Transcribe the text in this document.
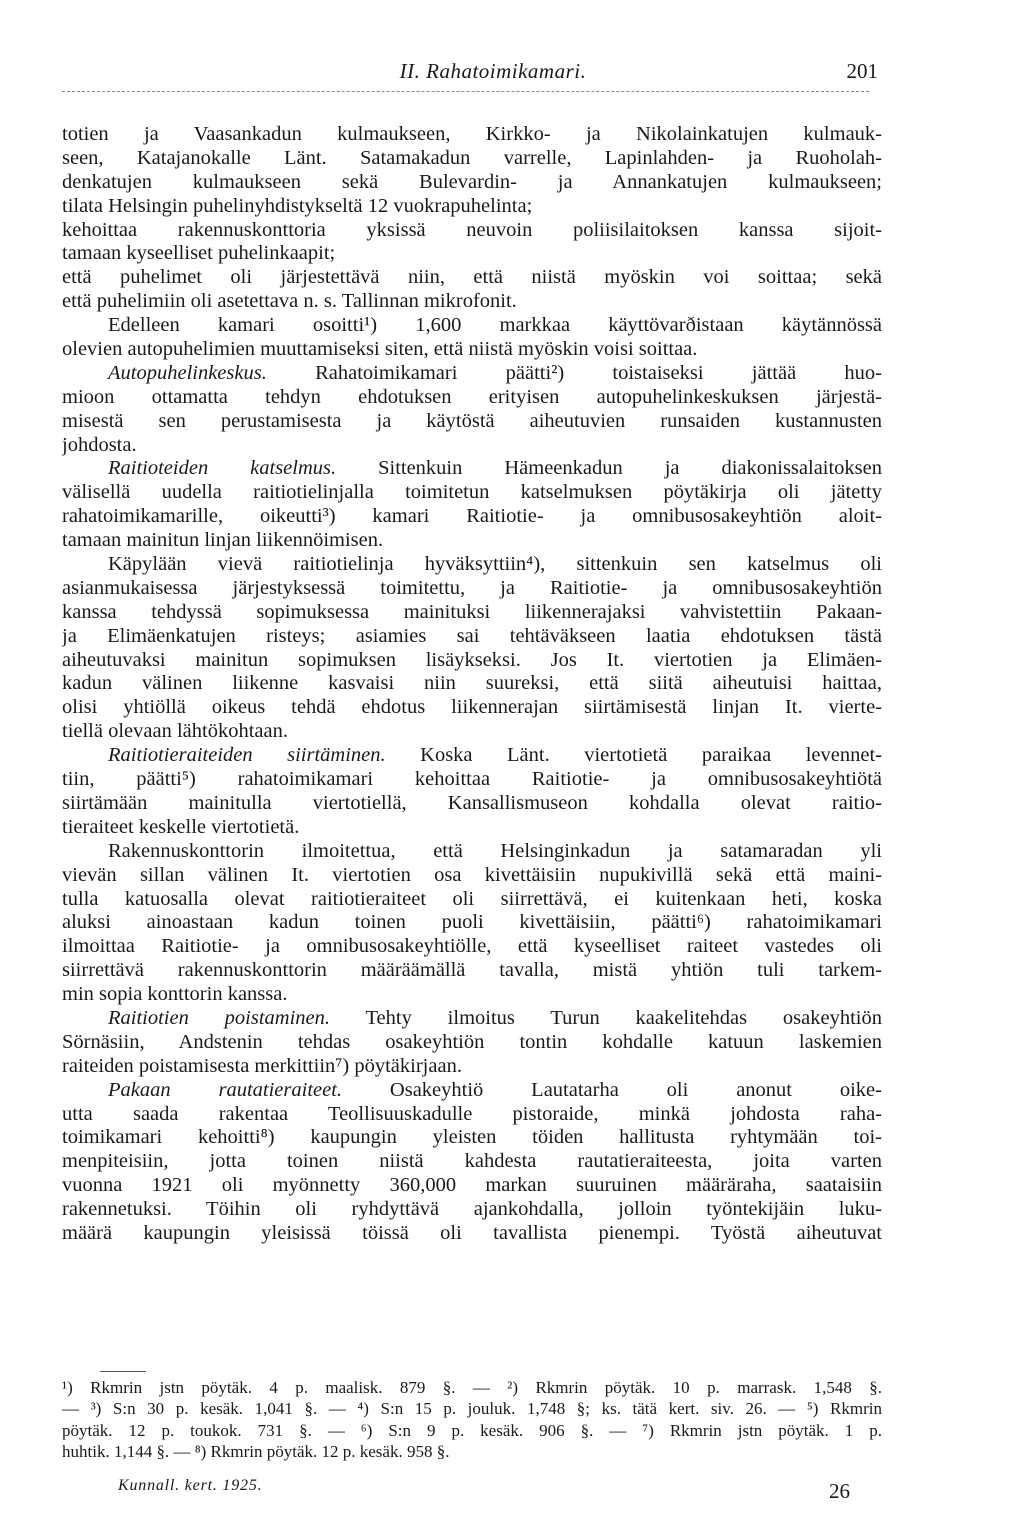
II. Rahatoimikamari.	201
totien ja Vaasankadun kulmaukseen, Kirkko- ja Nikolainkatujen kulmauk-
seen, Katajanokalle Länt. Satamakadun varrelle, Lapinlahden- ja Ruoholah-
denkatujen kulmaukseen sekä Bulevardin- ja Annankatujen kulmaukseen;
tilata Helsingin puhelinyhdistykseltä 12 vuokrapuhelinta;
kehoittaa rakennuskonttoria yksissä neuvoin poliisilaitoksen kanssa sijoit-
tamaan kyseelliset puhelinkaapit;
että puhelimet oli järjestettävä niin, että niistä myöskin voi soittaa; sekä
että puhelimiin oli asetettava n. s. Tallinnan mikrofonit.
Edelleen kamari osoitti¹) 1,600 markkaa käyttövarðistaan käytännössä
olevien autopuhelimien muuttamiseksi siten, että niistä myöskin voisi soittaa.
Autopuhelinkeskus. Rahatoimikamari päätti²) toistaiseksi jättää huo-
mioon ottamatta tehdyn ehdotuksen erityisen autopuhelinkeskuksen järjestä-
misestä sen perustamisesta ja käytöstä aiheutuvien runsaiden kustannusten
johdosta.
Raitioteiden katselmus. Sittenkuin Hämeenkadun ja diakonissalaitoksen
välisellä uudella raitiotielinjalla toimitetun katselmuksen pöytäkirja oli jätetty
rahatoimikamarille, oikeutti³) kamari Raitiotie- ja omnibusosakeyhtiön aloit-
tamaan mainitun linjan liikennöimisen.
Käpylään vievä raitiotielinja hyväksyttiin⁴), sittenkuin sen katselmus oli
asianmukaisessa järjestyksessä toimitettu, ja Raitiotie- ja omnibusosakeyhtiön
kanssa tehdyssä sopimuksessa mainituksi liikennerajaksi vahvistettiin Pakaan-
ja Elimäenkatujen risteys; asiamies sai tehtäväkseen laatia ehdotuksen tästä
aiheutuvaksi mainitun sopimuksen lisäykseksi. Jos It. viertotien ja Elimäen-
kadun välinen liikenne kasvaisi niin suureksi, että siitä aiheutuisi haittaa,
olisi yhtiöllä oikeus tehdä ehdotus liikennerajan siirtämisestä linjan It. vierte-
tiellä olevaan lähtökohtaan.
Raitiotieraiteiden siirtäminen. Koska Länt. viertotietä paraikaa levennet-
tiin, päätti⁵) rahatoimikamari kehoittaa Raitiotie- ja omnibusosakeyhtiötä
siirtämään mainitulla viertotiellä, Kansallismuseon kohdalla olevat raitio-
tieraiteet keskelle viertotietä.
Rakennuskonttorin ilmoitettua, että Helsinginkadun ja satamaradan yli
vievän sillan välinen It. viertotien osa kivettäisiin nupukivillä sekä että maini-
tulla katuosalla olevat raitiotieraiteet oli siirrettävä, ei kuitenkaan heti, koska
aluksi ainoastaan kadun toinen puoli kivettäisiin, päätti⁶) rahatoimikamari
ilmoittaa Raitiotie- ja omnibusosakeyhtiölle, että kyseelliset raiteet vastedes oli
siirrettävä rakennuskonttorin määräämällä tavalla, mistä yhtiön tuli tarkem-
min sopia konttorin kanssa.
Raitiotien poistaminen. Tehty ilmoitus Turun kaakelitehdas osakeyhtiön
Sörnäsiin, Andstenin tehdas osakeyhtiön tontin kohdalle katuun laskemien
raiteiden poistamisesta merkittiin⁷) pöytäkirjaan.
Pakaan rautatieraiteet. Osakeyhtiö Lautatarha oli anonut oike-
utta saada rakentaa Teollisuuskadulle pistoraide, minkä johdosta raha-
toimikamari kehoitti⁸) kaupungin yleisten töiden hallitusta ryhtymään toi-
menpiteisiin, jotta toinen niistä kahdesta rautatieraiteesta, joita varten
vuonna 1921 oli myönnetty 360,000 markan suuruinen määräraha, saataisiin
rakennetuksi. Töihin oli ryhdyttävä ajankohdalla, jolloin työntekijäin luku-
määrä kaupungin yleisissä töissä oli tavallista pienempi. Työstä aiheutuvat
¹) Rkmrin jstn pöytäk. 4 p. maalisk. 879 §. — ²) Rkmrin pöytäk. 10 p. marrask. 1,548 §.
— ³) S:n 30 p. kesäk. 1,041 §. — ⁴) S:n 15 p. jouluk. 1,748 §; ks. tätä kert. siv. 26. — ⁵) Rkmrin
pöytäk. 12 p. toukok. 731 §. — ⁶) S:n 9 p. kesäk. 906 §. — ⁷) Rkmrin jstn pöytäk. 1 p.
huhtik. 1,144 §. — ⁸) Rkmrin pöytäk. 12 p. kesäk. 958 §.
Kunnall. kert. 1925.	26
